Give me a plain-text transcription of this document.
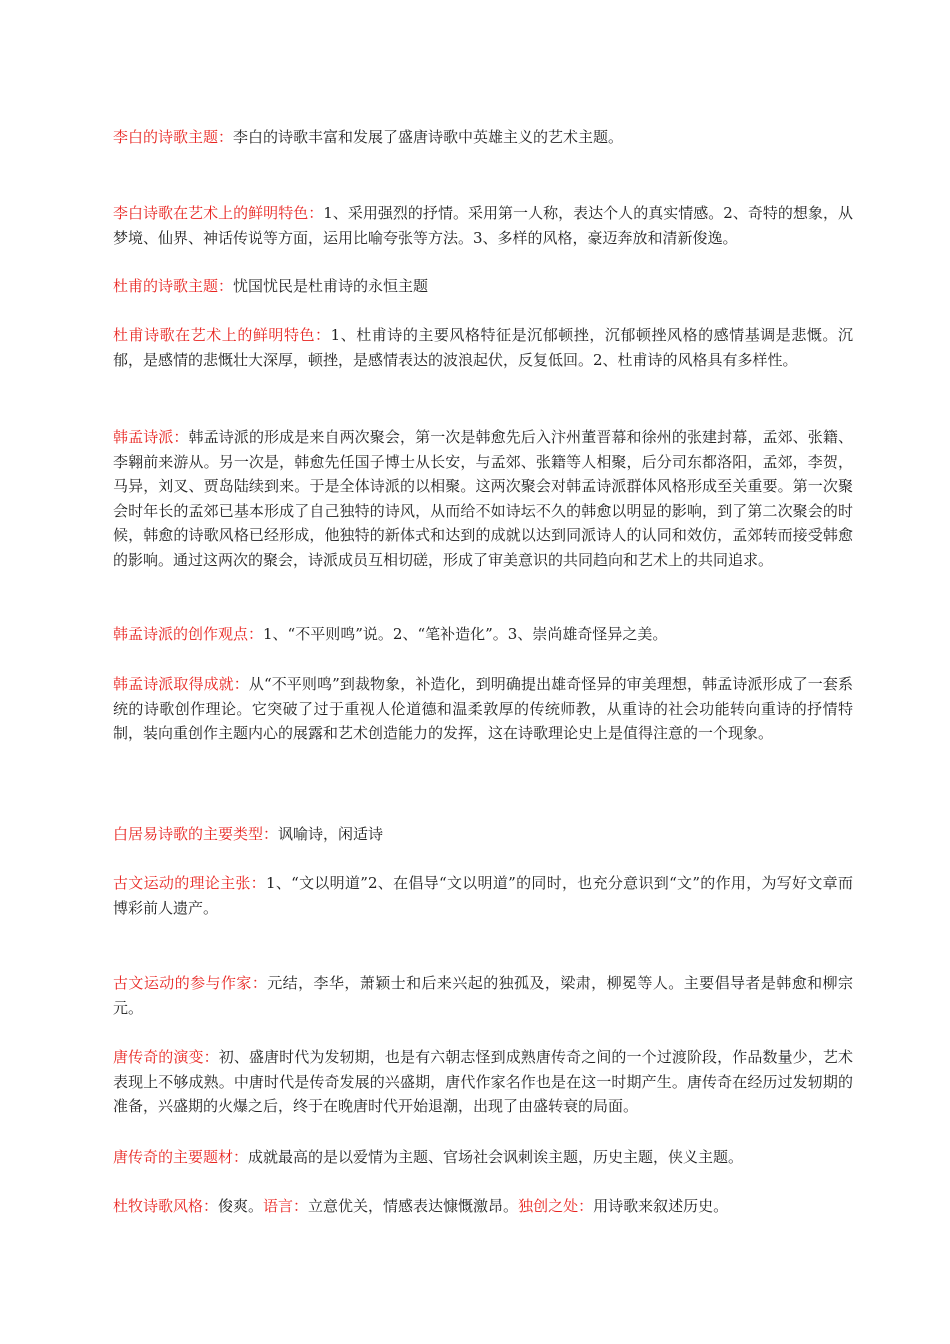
李白的诗歌主题：李白的诗歌丰富和发展了盛唐诗歌中英雄主义的艺术主题。

李白诗歌在艺术上的鲜明特色：1、采用强烈的抒情。采用第一人称，表达个人的真实情感。2、奇特的想象，从梦境、仙界、神话传说等方面，运用比喻夸张等方法。3、多样的风格，豪迈奔放和清新俊逸。

杜甫的诗歌主题：忧国忧民是杜甫诗的永恒主题

杜甫诗歌在艺术上的鲜明特色：1、杜甫诗的主要风格特征是沉郁顿挫，沉郁顿挫风格的感情基调是悲慨。沉郁，是感情的悲慨壮大深厚，顿挫，是感情表达的波浪起伏，反复低回。2、杜甫诗的风格具有多样性。

韩孟诗派：韩孟诗派的形成是来自两次聚会，第一次是韩愈先后入汴州董晋幕和徐州的张建封幕，孟郊、张籍、李翱前来游从。另一次是，韩愈先任国子博士从长安，与孟郊、张籍等人相聚，后分司东都洛阳，孟郊，李贺，马异，刘叉、贾岛陆续到来。于是全体诗派的以相聚。这两次聚会对韩孟诗派群体风格形成至关重要。第一次聚会时年长的孟郊已基本形成了自己独特的诗风，从而给不如诗坛不久的韩愈以明显的影响，到了第二次聚会的时候，韩愈的诗歌风格已经形成，他独特的新体式和达到的成就以达到同派诗人的认同和效仿，孟郊转而接受韩愈的影响。通过这两次的聚会，诗派成员互相切磋，形成了审美意识的共同趋向和艺术上的共同追求。

韩孟诗派的创作观点：1、“不平则鸣”说。2、“笔补造化”。3、崇尚雄奇怪异之美。

韩孟诗派取得成就：从“不平则鸣”到裁物象，补造化，到明确提出雄奇怪异的审美理想，韩孟诗派形成了一套系统的诗歌创作理论。它突破了过于重视人伦道德和温柔敦厚的传统师教，从重诗的社会功能转向重诗的抒情特制，装向重创作主题内心的展露和艺术创造能力的发挥，这在诗歌理论史上是值得注意的一个现象。

白居易诗歌的主要类型：讽喻诗，闲适诗

古文运动的理论主张：1、“文以明道”2、在倡导“文以明道”的同时，也充分意识到“文”的作用，为写好文章而博彩前人遗产。

古文运动的参与作家：元结，李华，萧颖士和后来兴起的独孤及，梁肃，柳冕等人。主要倡导者是韩愈和柳宗元。

唐传奇的演变：初、盛唐时代为发轫期，也是有六朝志怪到成熟唐传奇之间的一个过渡阶段，作品数量少，艺术表现上不够成熟。中唐时代是传奇发展的兴盛期，唐代作家名作也是在这一时期产生。唐传奇在经历过发轫期的准备，兴盛期的火爆之后，终于在晚唐时代开始退潮，出现了由盛转衰的局面。

唐传奇的主要题材：成就最高的是以爱情为主题、官场社会讽刺诶主题，历史主题，侠义主题。

杜牧诗歌风格：俊爽。语言：立意优关，情感表达慷慨激昂。独创之处：用诗歌来叙述历史。
